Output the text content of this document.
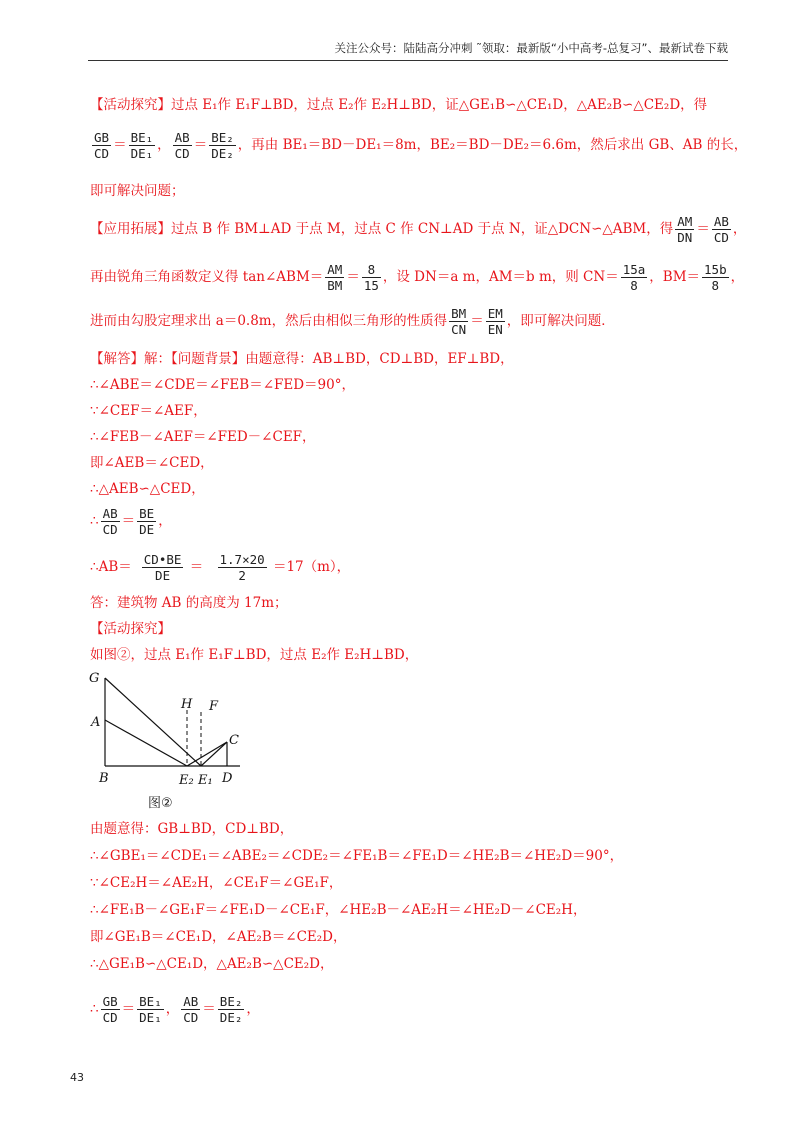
关注公众号：陆陆高分冲刺 ˜领取：最新版“小中高考-总复习”、最新试卷下载
【活动探究】过点 E₁作 E₁F⊥BD，过点 E₂作 E₂H⊥BD，证△GE₁B∽△CE₁D，△AE₂B∽△CE₂D，得
$\frac{GB}{CD} = \frac{\text{BE₁}}{\text{DE₁}}$ ， $\frac{AB}{CD} = \frac{\text{BE₂}}{\text{DE₂}}$ ，再由 BE₁＝BD－DE₁＝8m，BE₂＝BD－DE₂＝6.6m，然后求出 GB、AB 的长，
即可解决问题；
【应用拓展】过点 B 作 BM⊥AD 于点 M，过点 C 作 CN⊥AD 于点 N，证△DCN∽△ABM，得 $\frac{AM}{DN} = \frac{AB}{CD}$ ，
再由锐角三角函数定义得 tan∠ABM＝ $\frac{AM}{BM} = \frac{8}{15}$ ，设 DN＝a m，AM＝b m，则 $CN= \frac{15a}{8}$ ，$BM= \frac{15b}{8}$ ，
进而由勾股定理求出 a＝0.8m，然后由相似三角形的性质得 $\frac{BM}{CN} = \frac{EM}{EN}$ ，即可解决问题．
【解答】解：【问题背景】由题意得：AB⊥BD，CD⊥BD，EF⊥BD，
∴∠ABE＝∠CDE＝∠FEB＝∠FED＝90°，
∵∠CEF＝∠AEF，
∴∠FEB－∠AEF＝∠FED－∠CEF，
即∠AEB＝∠CED，
∴△AEB∽△CED，
∴ $\frac{AB}{CD} = \frac{BE}{DE}$ ，
∴AB＝ $\frac{CD•BE}{DE} = \frac{1.7\times 20}{2} =17(m)$，
答：建筑物 AB 的高度为 17m；
【活动探究】
如图②，过点 E₁作 E₁F⊥BD，过点 E₂作 E₂H⊥BD，
G
A
H F
C
B	E₂ E₁ D
图②
由题意得：GB⊥BD，CD⊥BD，
∴∠GBE₁＝∠CDE₁＝∠ABE₂＝∠CDE₂＝∠FE₁B＝∠FE₁D＝∠HE₂B＝∠HE₂D＝90°，
∵∠CE₂H＝∠AE₂H，∠CE₁F＝∠GE₁F，
∴∠FE₁B－∠GE₁F＝∠FE₁D－∠CE₁F，∠HE₂B－∠AE₂H＝∠HE₂D－∠CE₂H，
即∠GE₁B＝∠CE₁D，∠AE₂B＝∠CE₂D，
∴△GE₁B∽△CE₁D，△AE₂B∽△CE₂D，
∴ $\frac{GB}{CD} = \frac{\text{BE₁}}{\text{DE₁}}$ ， $\frac{AB}{CD} = \frac{\text{BE₂}}{\text{DE₂}}$ ，
43
